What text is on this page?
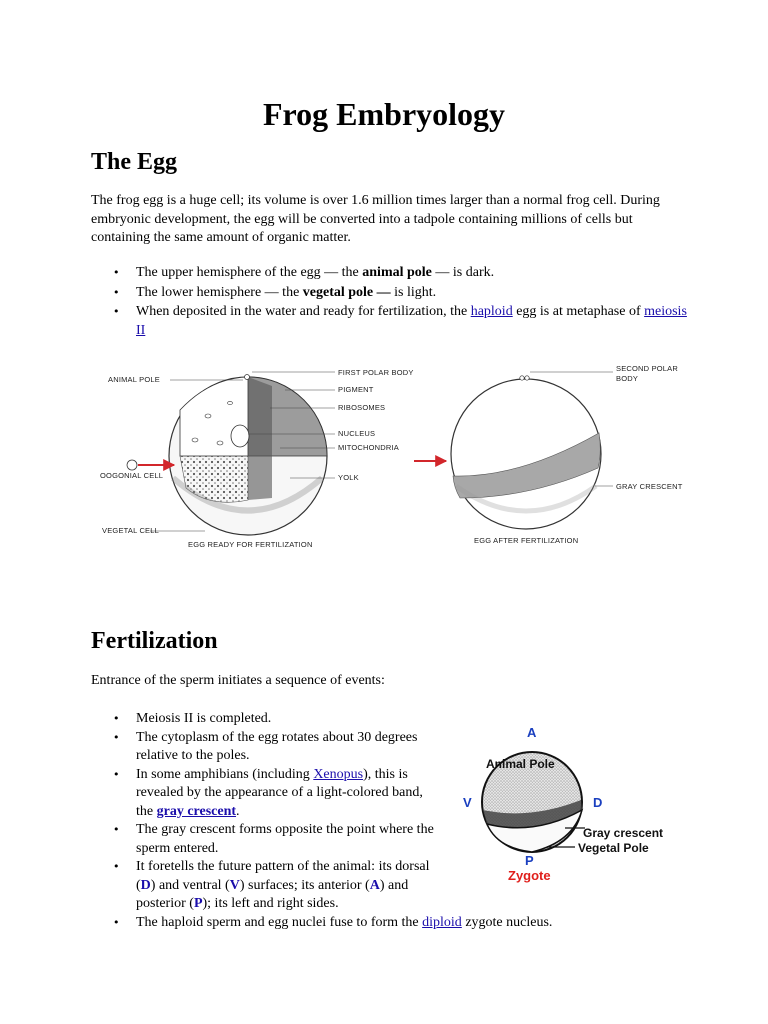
Frog Embryology
The Egg

The frog egg is a huge cell; its volume is over 1.6 million times larger than a normal frog cell. During embryonic development, the egg will be converted into a tadpole containing millions of cells but containing the same amount of organic matter.

• The upper hemisphere of the egg — the animal pole — is dark.
• The lower hemisphere — the vegetal pole — is light.
• When deposited in the water and ready for fertilization, the haploid egg is at metaphase of meiosis II
ANIMAL POLE
OOGONIAL CELL
VEGETAL CELL
FIRST POLAR BODY
PIGMENT
RIBOSOMES
NUCLEUS
MITOCHONDRIA
YOLK
EGG READY FOR FERTILIZATION
SECOND POLAR
BODY
GRAY CRESCENT
EGG AFTER FERTILIZATION
Fertilization

Entrance of the sperm initiates a sequence of events:

• Meiosis II is completed.
• The cytoplasm of the egg rotates about 30 degrees
relative to the poles.
• In some amphibians (including Xenopus), this is
revealed by the appearance of a light-colored band,
the gray crescent.
• The gray crescent forms opposite the point where the
sperm entered.
• It foretells the future pattern of the animal: its dorsal
(D) and ventral (V) surfaces; its anterior (A) and
posterior (P); its left and right sides.
• The haploid sperm and egg nuclei fuse to form the diploid zygote nucleus.
A
Animal Pole
V	D
Gray crescent
Vegetal Pole
P
Zygote
